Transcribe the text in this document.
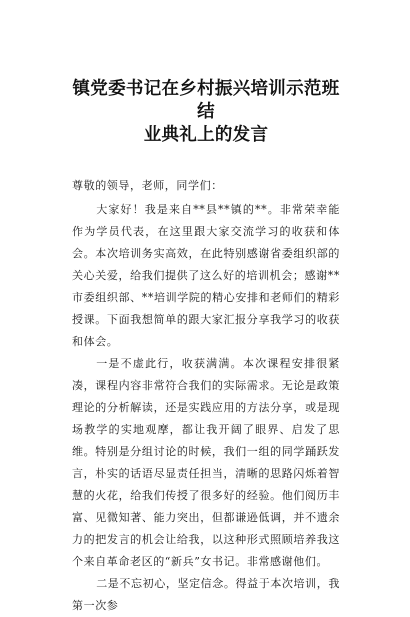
镇党委书记在乡村振兴培训示范班结
业典礼上的发言

尊敬的领导，老师，同学们：

大家好！我是来自**县**镇的**。非常荣幸能作为学员代表，在这里跟大家交流学习的收获和体会。本次培训务实高效，在此特别感谢省委组织部的关心关爱，给我们提供了这么好的培训机会；感谢**市委组织部、**培训学院的精心安排和老师们的精彩授课。下面我想简单的跟大家汇报分享我学习的收获和体会。

一是不虚此行，收获满满。本次课程安排很紧凑，课程内容非常符合我们的实际需求。无论是政策理论的分析解读，还是实践应用的方法分享，或是现场教学的实地观摩，都让我开阔了眼界、启发了思维。特别是分组讨论的时候，我们一组的同学踊跃发言，朴实的话语尽显责任担当，清晰的思路闪烁着智慧的火花，给我们传授了很多好的经验。他们阅历丰富、见微知著、能力突出，但都谦逊低调，并不遗余力的把发言的机会让给我，以这种形式照顾培养我这个来自革命老区的“新兵”女书记。非常感谢他们。

二是不忘初心，坚定信念。得益于本次培训，我第一次参
